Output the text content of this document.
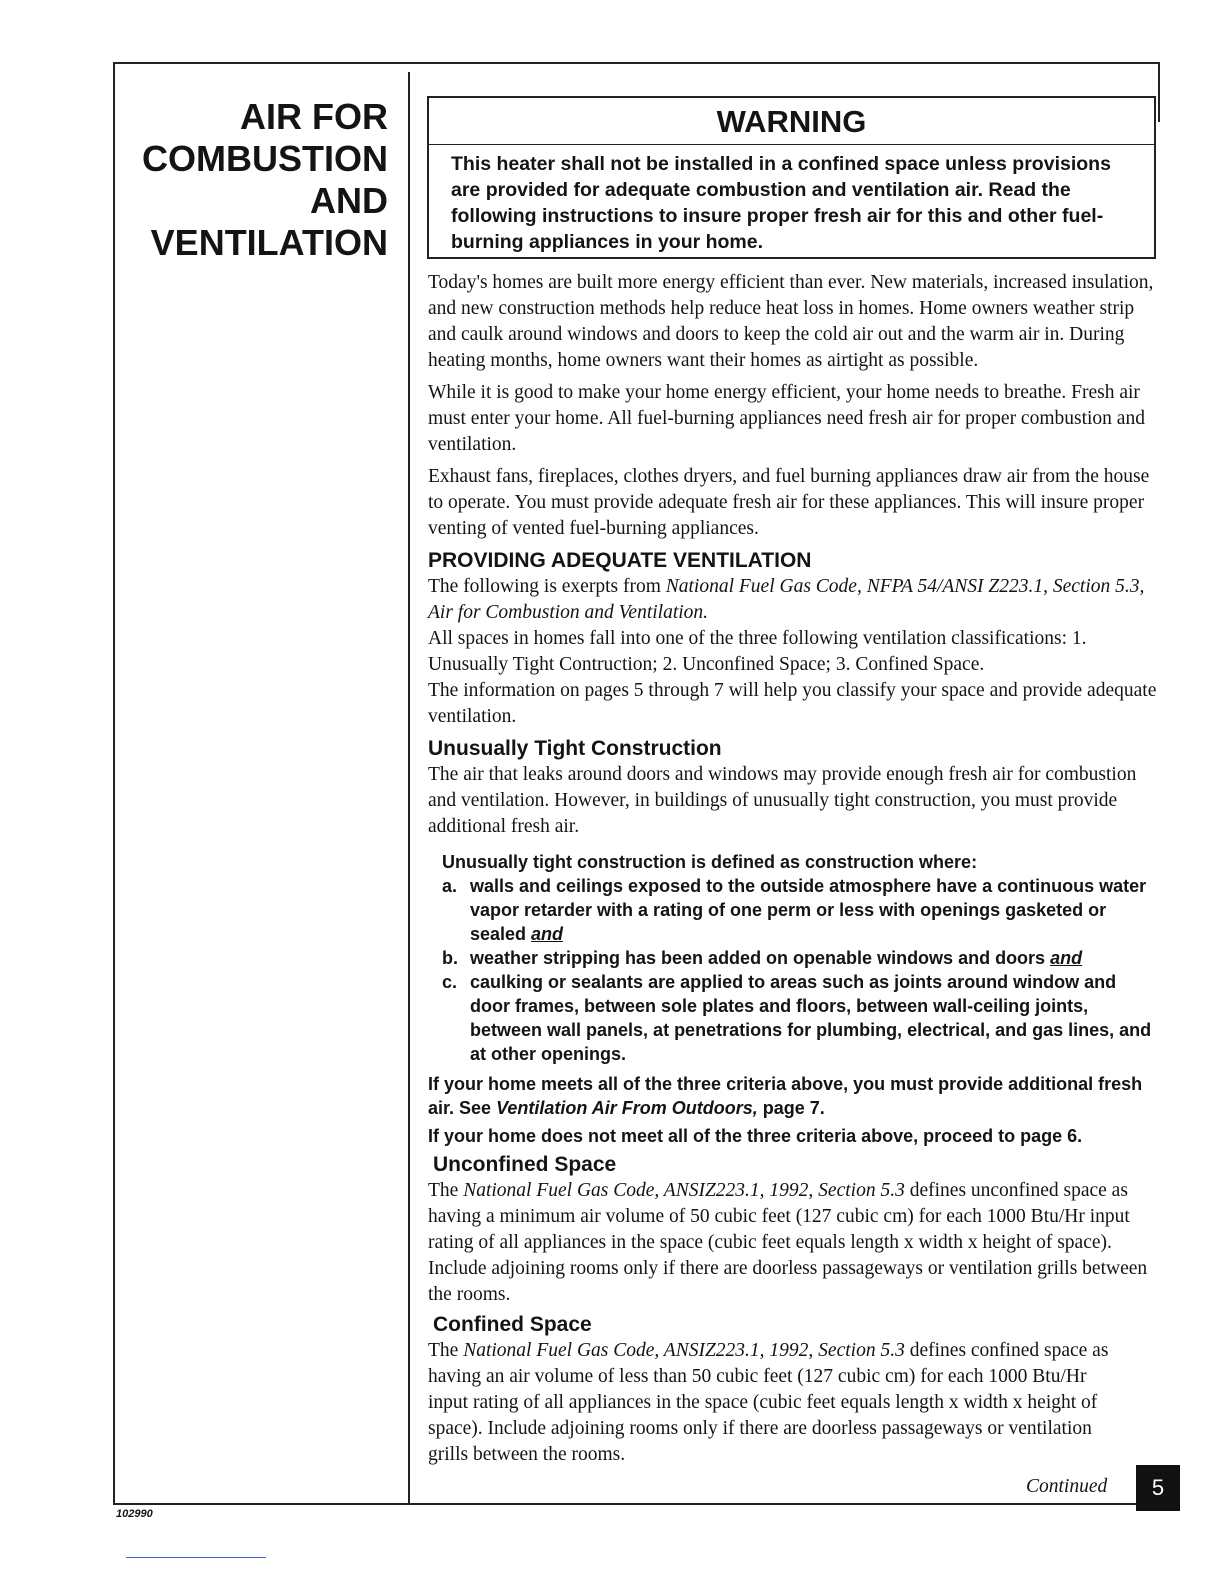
AIR FOR
COMBUSTION
AND
VENTILATION
WARNING
This heater shall not be installed in a confined space unless provisions are provided for adequate combustion and ventilation air. Read the following instructions to insure proper fresh air for this and other fuel-burning appliances in your home.

Today's homes are built more energy efficient than ever. New materials, increased insulation, and new construction methods help reduce heat loss in homes. Home owners weather strip and caulk around windows and doors to keep the cold air out and the warm air in. During heating months, home owners want their homes as airtight as possible.

While it is good to make your home energy efficient, your home needs to breathe. Fresh air must enter your home. All fuel-burning appliances need fresh air for proper combustion and ventilation.

Exhaust fans, fireplaces, clothes dryers, and fuel burning appliances draw air from the house to operate. You must provide adequate fresh air for these appliances. This will insure proper venting of vented fuel-burning appliances.

PROVIDING ADEQUATE VENTILATION

The following is exerpts from National Fuel Gas Code, NFPA 54/ANSI Z223.1, Section 5.3, Air for Combustion and Ventilation.

All spaces in homes fall into one of the three following ventilation classifications: 1. Unusually Tight Contruction; 2. Unconfined Space; 3. Confined Space.

The information on pages 5 through 7 will help you classify your space and provide adequate ventilation.

Unusually Tight Construction

The air that leaks around doors and windows may provide enough fresh air for combustion and ventilation. However, in buildings of unusually tight construction, you must provide additional fresh air.

Unusually tight construction is defined as construction where:
a. walls and ceilings exposed to the outside atmosphere have a continuous water vapor retarder with a rating of one perm or less with openings gasketed or sealed and
b. weather stripping has been added on openable windows and doors and
c. caulking or sealants are applied to areas such as joints around window and door frames, between sole plates and floors, between wall-ceiling joints, between wall panels, at penetrations for plumbing, electrical, and gas lines, and at other openings.
If your home meets all of the three criteria above, you must provide additional fresh air. See Ventilation Air From Outdoors, page 7.
If your home does not meet all of the three criteria above, proceed to page 6.
Unconfined Space

The National Fuel Gas Code, ANSIZ223.1, 1992, Section 5.3 defines unconfined space as having a minimum air volume of 50 cubic feet (127 cubic cm) for each 1000 Btu/Hr input rating of all appliances in the space (cubic feet equals length x width x height of space). Include adjoining rooms only if there are doorless passageways or ventilation grills between the rooms.

Confined Space

The National Fuel Gas Code, ANSIZ223.1, 1992, Section 5.3 defines confined space as having an air volume of less than 50 cubic feet (127 cubic cm) for each 1000 Btu/Hr input rating of all appliances in the space (cubic feet equals length x width x height of space). Include adjoining rooms only if there are doorless passageways or ventilation grills between the rooms.

Continued	5
102990
